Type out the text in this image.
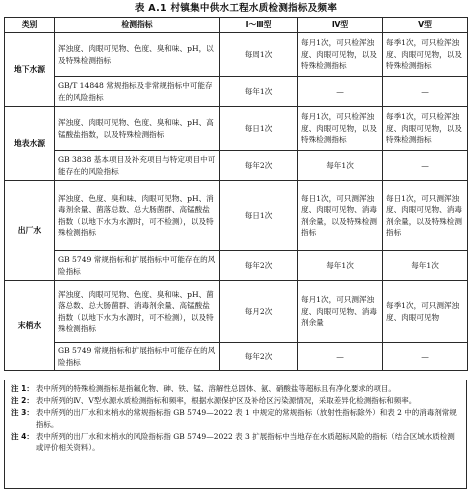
表 A.1 村镇集中供水工程水质检测指标及频率
类别	检测指标	Ⅰ～Ⅲ型	Ⅳ型	Ⅴ型
地下水源	浑浊度、肉眼可见物、色度、臭和味、pH，以及特殊检测指标	每周1次	每月1次，可只检浑浊度、肉眼可见物，以及特殊检测指标	每季1次，可只检浑浊度、肉眼可见物，以及特殊检测指标
	GB/T 14848 常规指标及非常规指标中可能存在的风险指标	每年1次	—	—
地表水源	浑浊度、肉眼可见物、色度、臭和味、pH、高锰酸盐指数，以及特殊检测指标	每日1次	每月1次，可只检浑浊度、肉眼可见物，以及特殊检测指标	每季1次，可只检浑浊度、肉眼可见物，以及特殊检测指标
	GB 3838 基本项目及补充项目与特定项目中可能存在的风险指标	每年2次	每年1次	—
出厂水	浑浊度、色度、臭和味、肉眼可见物、pH、消毒剂余量、菌落总数、总大肠菌群、高锰酸盐指数（以地下水为水源时，可不检测），以及特殊检测指标	每日1次	每日1次，可只测浑浊度、肉眼可见物、消毒剂余量，以及特殊检测指标	每日1次，可只测浑浊度、肉眼可见物、消毒剂余量，以及特殊检测指标
	GB 5749 常规指标和扩展指标中可能存在的风险指标	每年2次	每年1次	每年1次
末梢水	浑浊度、肉眼可见物、色度、臭和味、pH、菌落总数、总大肠菌群、消毒剂余量、高锰酸盐指数（以地下水为水源时，可不检测），以及特殊检测指标	每月2次	每月1次，可只测浑浊度、肉眼可见物、消毒剂余量	每季1次，可只测浑浊度、肉眼可见物
	GB 5749 常规指标和扩展指标中可能存在的风险指标	每年2次	—	—
注 1： 表中所列的特殊检测指标是指氟化物、砷、铁、锰、溶解性总固体、氨、硝酸盐等超标且有净化要求的项目。
注 2： 表中所列的Ⅳ、Ⅴ型水源水质检测指标和频率，根据水源保护区及补给区污染源情况，采取差异化检测指标和频率。
注 3： 表中所列的出厂水和末梢水的常规指标指 GB 5749—2022 表 1 中规定的常规指标（放射性指标除外）和表 2 中的消毒剂常规指标。
注 4： 表中所列的出厂水和末梢水的风险指标指 GB 5749—2022 表 3 扩展指标中当地存在水质超标风险的指标（结合区域水质检测或评价相关资料）。
